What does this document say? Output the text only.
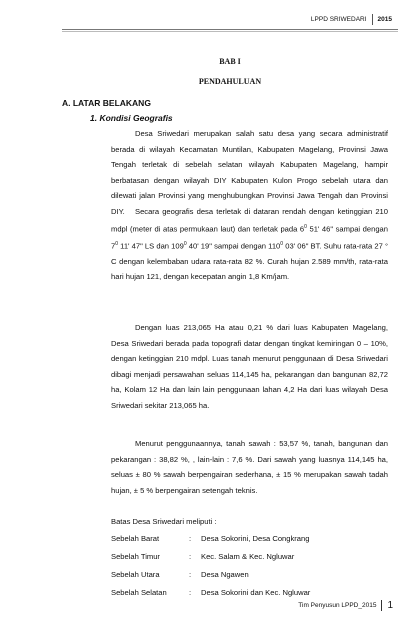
LPPD SRIWEDARI 2015
BAB I
PENDAHULUAN
A. LATAR BELAKANG
1. Kondisi Geografis

Desa Sriwedari merupakan salah satu desa yang secara administratif berada di wilayah Kecamatan Muntilan, Kabupaten Magelang, Provinsi Jawa Tengah terletak di sebelah selatan wilayah Kabupaten Magelang, hampir berbatasan dengan wilayah DIY Kabupaten Kulon Progo sebelah utara dan dilewati jalan Provinsi yang menghubungkan Provinsi Jawa Tengah dan Provinsi DIY.	Secara geografis desa terletak di dataran rendah dengan ketinggian 210 mdpl (meter di atas permukaan laut) dan terletak pada $6^0$ 51' 46" sampai dengan $7^0$ 11' 47" LS dan $109^0$ 40' 19" sampai dengan $110^0$ 03' 06" BT. Suhu rata-rata 27 ° C dengan kelembaban udara rata-rata 82 %. Curah hujan 2.589 mm/th, rata-rata hari hujan 121, dengan kecepatan angin 1,8 Km/jam.

Dengan luas 213,065 Ha atau 0,21 % dari luas Kabupaten Magelang, Desa Sriwedari berada pada topografi datar dengan tingkat kemiringan 0 – 10%, dengan ketinggian 210 mdpl. Luas tanah menurut penggunaan di Desa Sriwedari dibagi menjadi persawahan seluas 114,145 ha, pekarangan dan bangunan 82,72 ha, Kolam 12 Ha dan lain lain penggunaan lahan 4,2 Ha dari luas wilayah Desa Sriwedari sekitar 213,065 ha.

Menurut penggunaannya, tanah sawah : 53,57 %, tanah, bangunan dan pekarangan : 38,82 %, , lain-lain : 7,6 %. Dari sawah yang luasnya 114,145 ha, seluas ± 80 % sawah berpengairan sederhana, ± 15 % merupakan sawah tadah hujan, ± 5 % berpengairan setengah teknis.

Batas Desa Sriwedari meliputi :

Sebelah Barat	:	Desa Sokorini, Desa Congkrang
Sebelah Timur	:	Kec. Salam & Kec. Ngluwar
Sebelah Utara	:	Desa Ngawen
Sebelah Selatan	:	Desa Sokorini dan Kec. Ngluwar
Tim Penyusun LPPD_2015 1
